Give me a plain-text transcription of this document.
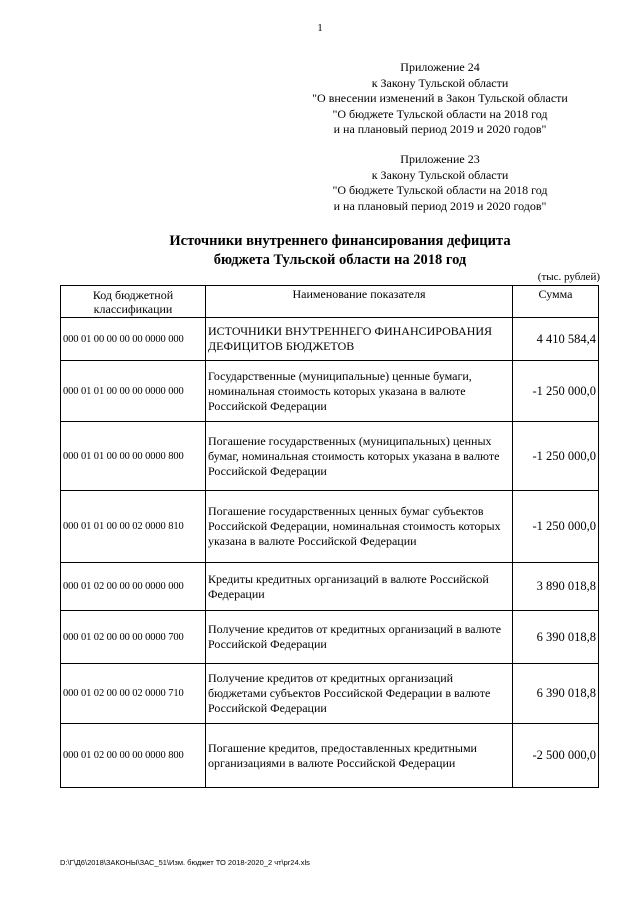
1
Приложение 24
к Закону Тульской области
"О внесении изменений в Закон Тульской области
"О бюджете Тульской области на 2018 год
и на плановый период 2019 и 2020 годов"
Приложение 23
к Закону Тульской области
"О бюджете Тульской области на 2018 год
и на плановый период 2019 и 2020 годов"
Источники внутреннего финансирования дефицита
бюджета Тульской области на 2018 год
(тыс. рублей)
Код бюджетной классификации	Наименование показателя	Сумма
000 01 00 00 00 00 0000 000	ИСТОЧНИКИ ВНУТРЕННЕГО ФИНАНСИРОВАНИЯ ДЕФИЦИТОВ БЮДЖЕТОВ	4 410 584,4
000 01 01 00 00 00 0000 000	Государственные (муниципальные) ценные бумаги, номинальная стоимость которых указана в валюте Российской Федерации	-1 250 000,0
000 01 01 00 00 00 0000 800	Погашение государственных (муниципальных) ценных бумаг, номинальная стоимость которых указана в валюте Российской Федерации	-1 250 000,0
000 01 01 00 00 02 0000 810	Погашение государственных ценных бумаг субъектов Российской Федерации, номинальная стоимость которых указана в валюте Российской Федерации	-1 250 000,0
000 01 02 00 00 00 0000 000	Кредиты кредитных организаций в валюте Российской Федерации	3 890 018,8
000 01 02 00 00 00 0000 700	Получение кредитов от кредитных организаций в валюте Российской Федерации	6 390 018,8
000 01 02 00 00 02 0000 710	Получение кредитов от кредитных организаций бюджетами субъектов Российской Федерации в валюте Российской Федерации	6 390 018,8
000 01 02 00 00 00 0000 800	Погашение кредитов, предоставленных кредитными организациями в валюте Российской Федерации	-2 500 000,0
D:\Г\Д6\2018\ЗАКОНЫ\ЗАС_51\Изм. бюджет ТО 2018-2020_2 чт\pr24.xls
